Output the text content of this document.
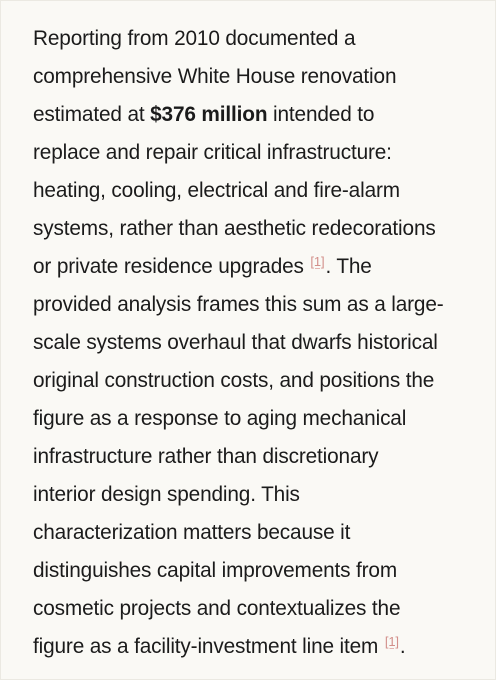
Reporting from 2010 documented a
comprehensive White House renovation
estimated at $376 million intended to
replace and repair critical infrastructure:
heating, cooling, electrical and fire-alarm
systems, rather than aesthetic redecorations
or private residence upgrades [1]. The
provided analysis frames this sum as a large-
scale systems overhaul that dwarfs historical
original construction costs, and positions the
figure as a response to aging mechanical
infrastructure rather than discretionary
interior design spending. This
characterization matters because it
distinguishes capital improvements from
cosmetic projects and contextualizes the
figure as a facility-investment line item [1].
